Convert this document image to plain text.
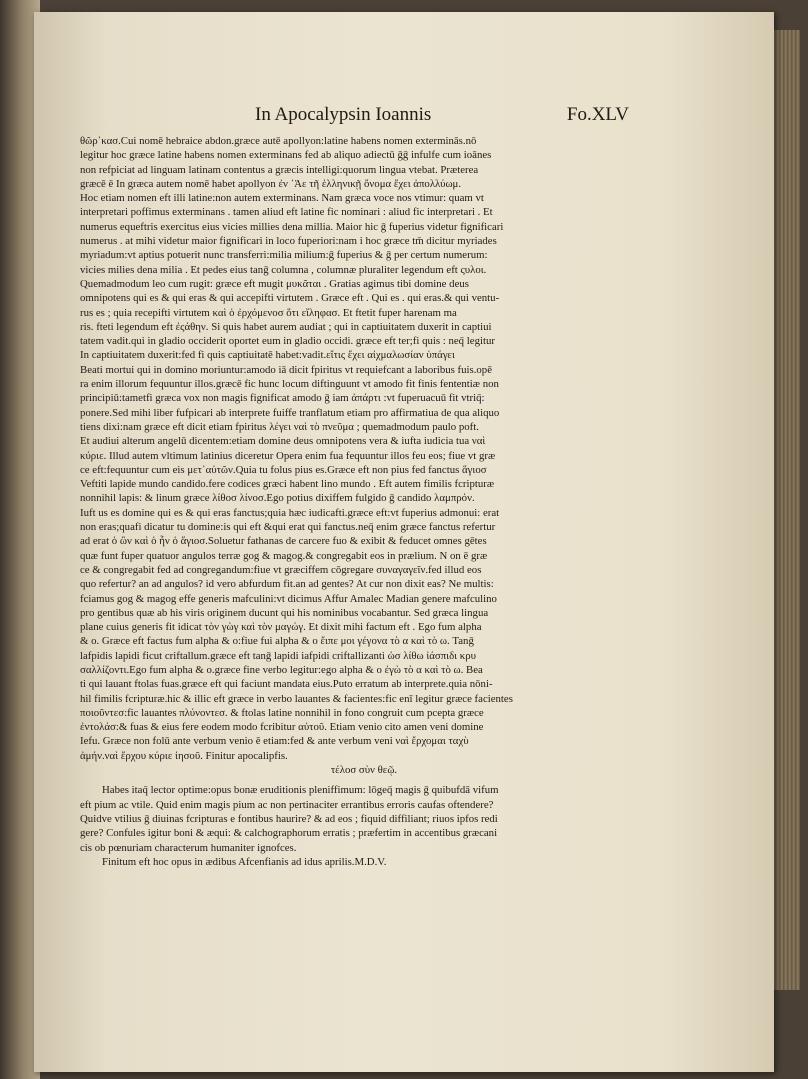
In Apocalypsin Ioannis	Fo.XLV
θῶρ᾽κασ.Cui nomē hebraice abdon.græce autē apollyon:latine habens nomen exterminās.nō
legitur hoc græce latine habens nomen exterminans fed ab aliquo adiectū ḡḡ infulfe cum ioānes
non refpiciat ad linguam latinam contentus a græcis intelligi:quorum lingua vtebat. Præterea
græcē ē In græca autem nomē habet apollyon ἐν ᾽Ἀε τῆ ἑλληνικῇ ὄνομα ἔχει ἀπολλύωμ.
Hoc etiam nomen eft illi latine:non autem exterminans. Nam græca voce nos vtimur: quam vt
interpretari poffimus exterminans . tamen aliud eft latine fic nominari : aliud fic interpretari . Et
numerus equeftris exercitus eius vicies millies dena millia. Maior hic ḡ fuperius videtur fignificari
numerus . at mihi videtur maior fignificari in loco fuperiori:nam i hoc græce tm̄ dicitur myriades
myriadum:vt aptius potuerit nunc transferri:milia milium:ḡ fuperius & ḡ per certum numerum:
vicies milies dena milia . Et pedes eius tanḡ columna , columnæ pluraliter legendum eft ςυλοι.
Quemadmodum leo cum rugit: græce eft mugit μυκᾶται . Gratias agimus tibi domine deus
omnipotens qui es & qui eras & qui accepifti virtutem . Græce eft . Qui es . qui eras.& qui ventu-
rus es ; quia recepifti virtutem καὶ ὁ ἐρχόμενοσ ὅτι εἴληφασ. Et ftetit fuper harenam ma
ris. fteti legendum eft ἐςάθην. Si quis habet aurem audiat ; qui in captiuitatem duxerit in captiui
tatem vadit.qui in gladio occiderit oportet eum in gladio occidi. græce eft ter;fi quis : neq̄ legitur
In captiuitatem duxerit:fed fi quis captiuitatē habet:vadit.εἴτις ἔχει αἰχμαλωσίαν ὑπάγει
Beati mortui qui in domino moriuntur:amodo iā dicit fpiritus vt requiefcant a laboribus fuis.opē
ra enim illorum fequuntur illos.græcē fic hunc locum diftinguunt vt amodo fit finis fententiæ non
principiū:tametfi græca vox non magis fignificat amodo ḡ iam ἀπάρτι :vt fuperuacuū fit vtriq̄:
ponere.Sed mihi liber fufpicari ab interprete fuiffe tranflatum etiam pro affirmatiua de qua aliquo
tiens dixi:nam græce eft dicit etiam fpiritus λέγει ναὶ τὸ πνεῦμα ; quemadmodum paulo poft.
Et audiui alterum angelū dicentem:etiam domine deus omnipotens vera & iufta iudicia tua ναὶ
κύριε. Illud autem vltimum latinius diceretur Opera enim fua fequuntur illos feu eos; fiue vt græ
ce eft:fequuntur cum eis μετ᾽αὐτῶν.Quia tu folus pius es.Græce eft non pius fed fanctus ἅγιοσ
Veftiti lapide mundo candido.fere codices græci habent lino mundo . Eft autem fimilis fcripturæ
nonnihil lapis: & linum græce λίθοσ λίνοσ.Ego potius dixiffem fulgido ḡ candido λαμπρόν.
Iuft us es domine qui es & qui eras fanctus;quia hæc iudicafti.græce eft:vt fuperius admonui: erat
non eras;quafi dicatur tu domine:is qui eft &qui erat qui fanctus.neq̄ enim græce fanctus refertur
ad erat ὁ ὢν καὶ ὁ ἦν ὁ ἅγιοσ.Soluetur fathanas de carcere fuo & exibit & feducet omnes gētes
quæ funt fuper quatuor angulos terræ gog & magog.& congregabit eos in prælium. N on ē græ
ce & congregabit fed ad congregandum:fiue vt græciffem cōgregare συναγαγεῖν.fed illud eos
quo refertur? an ad angulos? id vero abfurdum fit.an ad gentes? At cur non dixit eas? Ne multis:
fciamus gog & magog effe generis mafculini:vt dicimus Affur Amalec Madian genere mafculino
pro gentibus quæ ab his viris originem ducunt qui his nominibus vocabantur. Sed græca lingua
plane cuius generis fit idicat τὸν γὼγ καὶ τὸν μαγώγ. Et dixit mihi factum eft . Ego fum alpha
& o. Græce eft factus fum alpha & o:fiue fui alpha & o ἔιπε μοι γέγονα τὸ α καὶ τὸ ω. Tanḡ
lafpidis lapidi ficut criftallum.græce eft tanḡ lapidi iafpidi criftallizanti ὡσ λίθω ἰάσπιδι κρυ
σαλλίζοντι.Ego fum alpha & o.græce fine verbo legitur:ego alpha & o ἐγὼ τὸ α καὶ τὸ ω. Bea
ti qui lauant ftolas fuas.græce eft qui faciunt mandata eius.Puto erratum ab interprete.quia nōni-
hil fimilis fcripturæ.hic & illic eft græce in verbo lauantes & facientes:fic enī legitur græce facientes
ποιοῦντεσ:fic lauantes πλύνοντεσ. & ftolas latine nonnihil in fono congruit cum pcepta græce
ἐντολάσ:& fuas & eius fere eodem modo fcribitur αὐτοῦ. Etiam venio cito amen veni domine
Iefu. Græce non folū ante verbum venio ē etiam:fed & ante verbum veni ναὶ ἔρχομαι ταχὺ
ἀμήν.ναὶ ἔρχου κύριε ἰησοῦ. Finitur apocalipfis.
τέλοσ σὺν θεῷ.
Habes itaq̄ lector optime:opus bonæ eruditionis pleniffimum: lōgeq̄ magis ḡ quibufdā vifum
eft pium ac vtile. Quid enim magis pium ac non pertinaciter errantibus erroris caufas oftendere?
Quidve vtilius ḡ diuinas fcripturas e fontibus haurire? & ad eos ; fiquid diffiliant; riuos ipfos redi
gere? Confules igitur boni & æqui: & calchographorum erratis ; præfertim in accentibus græcani
cis ob pœnuriam characterum humaniter ignofces.
Finitum eft hoc opus in ædibus Afcenfianis ad idus aprilis.M.D.V.
